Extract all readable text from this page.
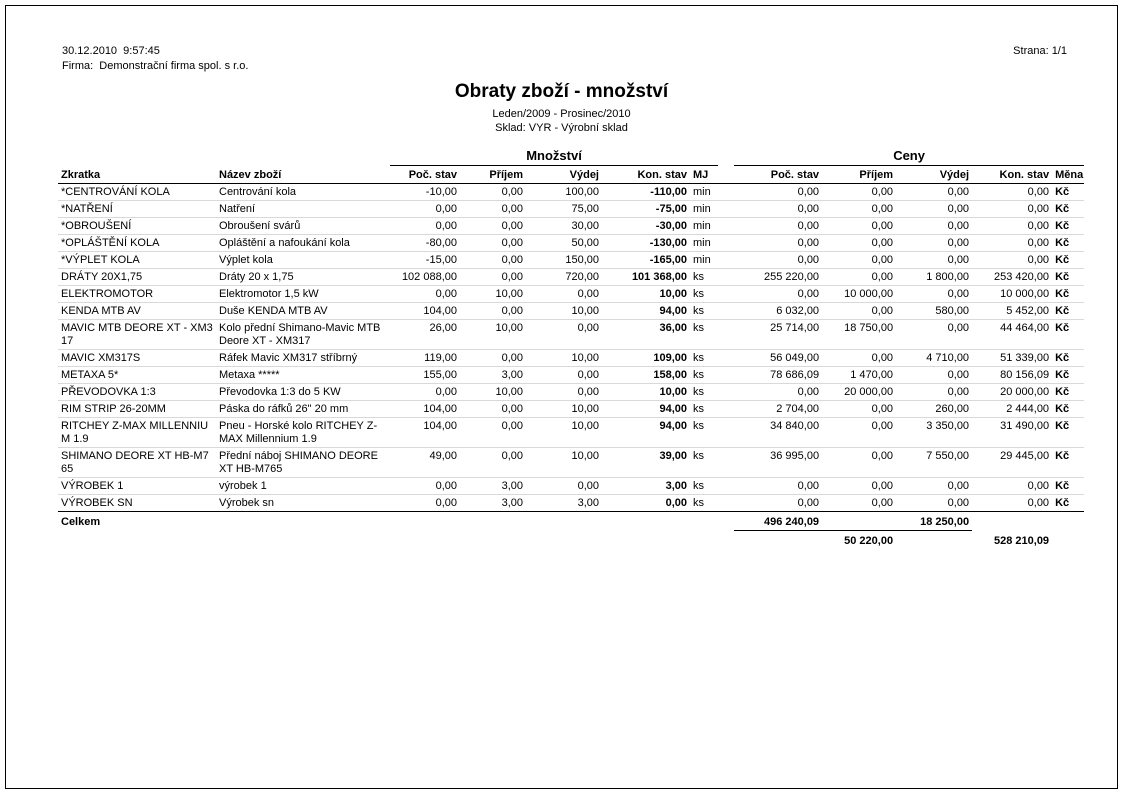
30.12.2010  9:57:45
Firma:  Demonstrační firma spol. s r.o.
Strana: 1/1
Obraty zboží - množství
Leden/2009 - Prosinec/2010
Sklad: VYR - Výrobní sklad
		Množství						Ceny				
Zkratka	Název zboží	Poč. stav	Příjem	Výdej	Kon. stav	MJ		Poč. stav	Příjem	Výdej	Kon. stav	Měna
*CENTROVÁNÍ KOLA	Centrování kola	-10,00	0,00	100,00	-110,00	min		0,00	0,00	0,00	0,00	Kč
*NATŘENÍ	Natření	0,00	0,00	75,00	-75,00	min		0,00	0,00	0,00	0,00	Kč
*OBROUŠENÍ	Obroušení svárů	0,00	0,00	30,00	-30,00	min		0,00	0,00	0,00	0,00	Kč
*OPLÁŠTĚNÍ KOLA	Opláštění a nafoukání kola	-80,00	0,00	50,00	-130,00	min		0,00	0,00	0,00	0,00	Kč
*VÝPLET KOLA	Výplet kola	-15,00	0,00	150,00	-165,00	min		0,00	0,00	0,00	0,00	Kč
DRÁTY 20X1,75	Dráty 20 x 1,75	102 088,00	0,00	720,00	101 368,00	ks		255 220,00	0,00	1 800,00	253 420,00	Kč
ELEKTROMOTOR	Elektromotor 1,5 kW	0,00	10,00	0,00	10,00	ks		0,00	10 000,00	0,00	10 000,00	Kč
KENDA MTB AV	Duše KENDA MTB AV	104,00	0,00	10,00	94,00	ks		6 032,00	0,00	580,00	5 452,00	Kč
MAVIC MTB DEORE XT - XM317	Kolo přední Shimano-Mavic MTB Deore XT - XM317	26,00	10,00	0,00	36,00	ks		25 714,00	18 750,00	0,00	44 464,00	Kč
MAVIC XM317S	Ráfek Mavic XM317 stříbrný	119,00	0,00	10,00	109,00	ks		56 049,00	0,00	4 710,00	51 339,00	Kč
METAXA 5*	Metaxa *****	155,00	3,00	0,00	158,00	ks		78 686,09	1 470,00	0,00	80 156,09	Kč
PŘEVODOVKA 1:3	Převodovka 1:3 do 5 KW	0,00	10,00	0,00	10,00	ks		0,00	20 000,00	0,00	20 000,00	Kč
RIM STRIP 26-20MM	Páska do ráfků 26" 20 mm	104,00	0,00	10,00	94,00	ks		2 704,00	0,00	260,00	2 444,00	Kč
RITCHEY Z-MAX MILLENNIUM 1.9	Pneu - Horské kolo RITCHEY Z-MAX Millennium 1.9	104,00	0,00	10,00	94,00	ks		34 840,00	0,00	3 350,00	31 490,00	Kč
SHIMANO DEORE XT HB-M765	Přední náboj SHIMANO DEORE XT HB-M765	49,00	0,00	10,00	39,00	ks		36 995,00	0,00	7 550,00	29 445,00	Kč
VÝROBEK 1	výrobek 1	0,00	3,00	0,00	3,00	ks		0,00	0,00	0,00	0,00	Kč
VÝROBEK SN	Výrobek sn	0,00	3,00	3,00	0,00	ks		0,00	0,00	0,00	0,00	Kč
Celkem								496 240,09		18 250,00		
									50 220,00		528 210,09	
